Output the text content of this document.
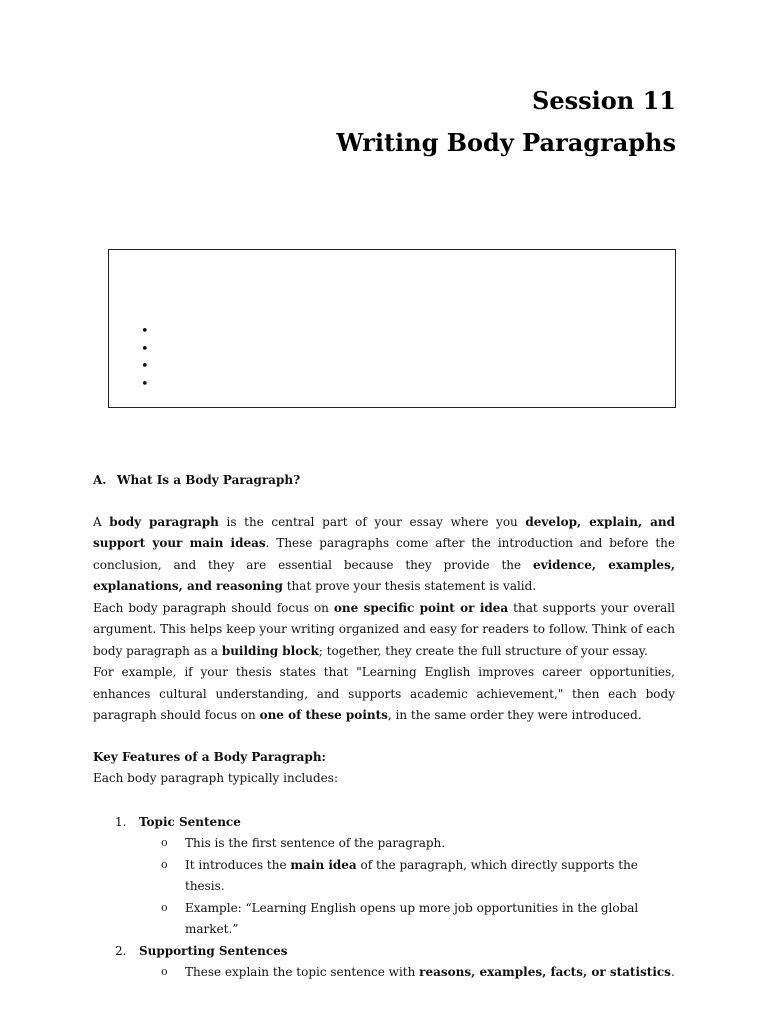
Session 11
Writing Body Paragraphs
A. What Is a Body Paragraph?

A body paragraph is the central part of your essay where you develop, explain, and support your main ideas. These paragraphs come after the introduction and before the conclusion, and they are essential because they provide the evidence, examples, explanations, and reasoning that prove your thesis statement is valid.

Each body paragraph should focus on one specific point or idea that supports your overall argument. This helps keep your writing organized and easy for readers to follow. Think of each body paragraph as a building block; together, they create the full structure of your essay.

For example, if your thesis states that "Learning English improves career opportunities, enhances cultural understanding, and supports academic achievement," then each body paragraph should focus on one of these points, in the same order they were introduced.

Key Features of a Body Paragraph:

Each body paragraph typically includes:

1. Topic Sentence
o This is the first sentence of the paragraph.
o It introduces the main idea of the paragraph, which directly supports the thesis.
o Example: “Learning English opens up more job opportunities in the global market.”
2. Supporting Sentences
o These explain the topic sentence with reasons, examples, facts, or statistics.
